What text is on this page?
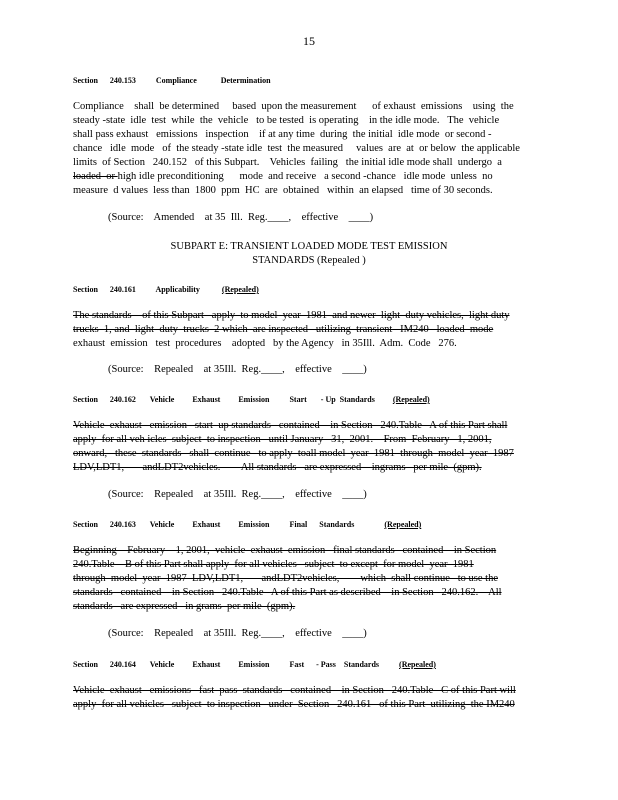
15
Section      240.153          Compliance            Determination
Compliance    shall  be determined     based  upon the measurement      of exhaust  emissions    using  the
steady -state  idle  test  while  the  vehicle   to be tested  is operating    in the idle mode.   The  vehicle
shall pass exhaust   emissions   inspection    if at any time  during  the initial  idle mode  or second -
chance   idle  mode   of  the steady -state idle  test  the measured     values  are  at  or below  the applicable
limits  of Section   240.152   of this Subpart.    Vehicles  failing   the initial idle mode shall  undergo  a
loaded  or high idle preconditioning      mode  and receive   a second -chance   idle mode  unless  no
measure  d values  less than  1800  ppm  HC  are  obtained   within  an elapsed   time of 30 seconds.
(Source:    Amended    at 35  Ill.  Reg.____,    effective    ____)
SUBPART E: TRANSIENT LOADED MODE TEST EMISSION
STANDARDS (Repealed )
Section      240.161          Applicability           (Repealed)
The standards    of this Subpart   apply  to model  year  1981  and newer  light  duty vehicles,  light duty
trucks  1, and  light  duty  trucks  2 which  are inspected   utilizing  transient   IM240   loaded  mode
exhaust  emission   test  procedures    adopted   by the Agency   in 35Ill.  Adm.  Code   276.
(Source:    Repealed    at 35Ill.  Reg.____,    effective    ____)
Section      240.162       Vehicle         Exhaust         Emission          Start       - Up  Standards         (Repealed)
Vehicle  exhaust   emission   start  up standards   contained    in Section   240.Table   A of this Part shall
apply  for all veh icles  subject  to inspection   until January   31,  2001.    From  February   1, 2001,
onward,   these  standards   shall  continue   to apply  toall model  year  1981  through  model  year  1987
LDV,LDT1,       andLDT2vehicles.        All standards   are expressed    ingrams   per mile  (gpm).
(Source:    Repealed    at 35Ill.  Reg.____,    effective    ____)
Section      240.163       Vehicle         Exhaust         Emission          Final      Standards               (Repealed)
Beginning    February    1, 2001,  vehicle  exhaust  emission   final standards   contained    in Section
240.Table    B of this Part shall apply  for all vehicles   subject  to except  for model  year  1981
through  model  year  1987  LDV,LDT1,       andLDT2vehicles,        which  shall continue   to use the
standards   contained    in Section   240.Table   A of this Part as described    in Section   240.162.    All
standards   are expressed   in grams  per mile  (gpm).
(Source:    Repealed    at 35Ill.  Reg.____,    effective    ____)
Section      240.164       Vehicle         Exhaust         Emission          Fast      - Pass    Standards          (Repealed)
Vehicle  exhaust   emissions   fast  pass  standards   contained    in Section   240.Table   C of this Part will
apply  for all vehicles   subject  to inspection   under  Section   240.161   of this Part  utilizing  the IM240
